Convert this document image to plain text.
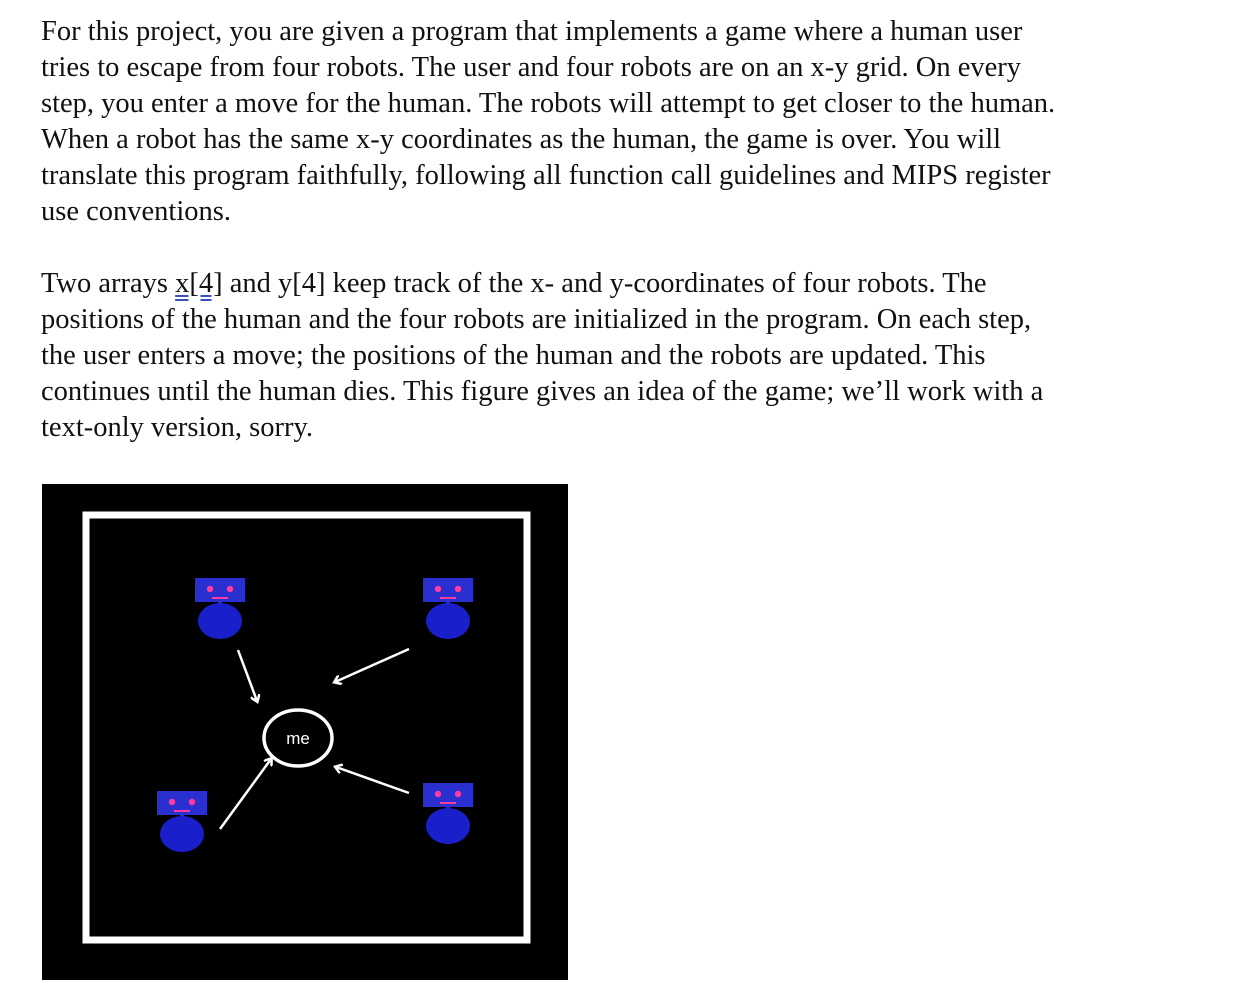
For this project, you are given a program that implements a game where a human user
tries to escape from four robots. The user and four robots are on an x-y grid. On every
step, you enter a move for the human. The robots will attempt to get closer to the human.
When a robot has the same x-y coordinates as the human, the game is over. You will
translate this program faithfully, following all function call guidelines and MIPS register
use conventions.
Two arrays x[4] and y[4] keep track of the x- and y-coordinates of four robots. The
positions of the human and the four robots are initialized in the program. On each step,
the user enters a move; the positions of the human and the robots are updated. This
continues until the human dies. This figure gives an idea of the game; we’ll work with a
text-only version, sorry.
me
